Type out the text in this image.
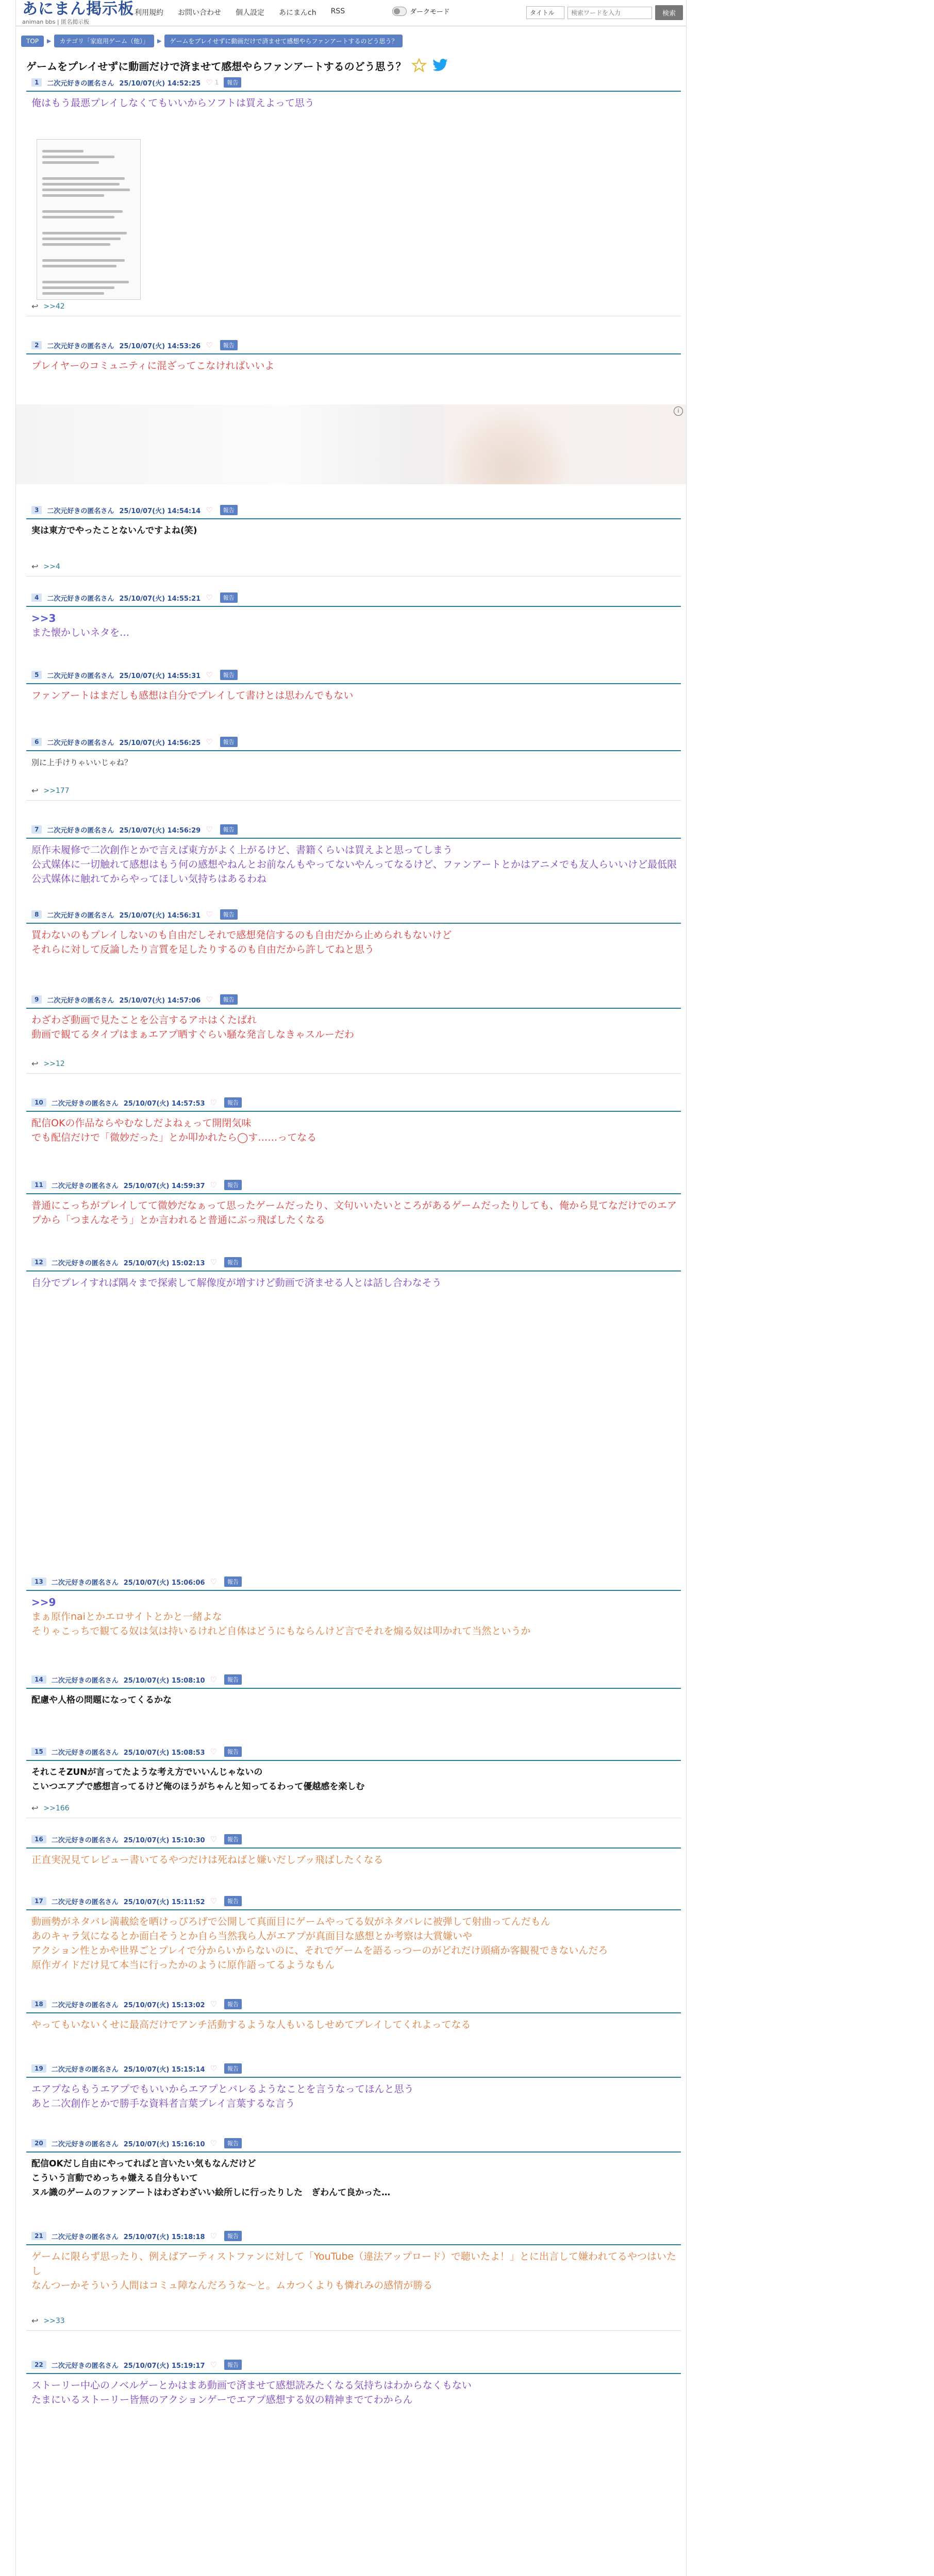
あにまん掲示板
animan bbs | 匿名掲示板
利用規約 お問い合わせ 個人設定 あにまんch RSS	ダークモード	タイトル
検索ワードを入力	検索
TOP	▶	カテゴリ「家庭用ゲーム（他）」	▶	ゲームをプレイせずに動画だけで済ませて感想やらファンアートするのどう思う？
ゲームをプレイせずに動画だけで済ませて感想やらファンアートするのどう思う？
1	二次元好きの匿名さん 25/10/07(火) 14:52:25 ♡ 1	報告
俺はもう最悪プレイしなくてもいいからソフトは買えよって思う
2	二次元好きの匿名さん 25/10/07(火) 14:53:26 ♡	報告
プレイヤーのコミュニティに混ざってこなければいいよ
3	二次元好きの匿名さん 25/10/07(火) 14:54:14 ♡	報告
実は東方でやったことないんですよね(笑)
4	二次元好きの匿名さん 25/10/07(火) 14:55:21 ♡	報告
>>3
また懐かしいネタを…
5	二次元好きの匿名さん 25/10/07(火) 14:55:31 ♡	報告
ファンアートはまだしも感想は自分でプレイして書けとは思わんでもない
6	二次元好きの匿名さん 25/10/07(火) 14:56:25 ♡	報告
別に上手けりゃいいじゃね？
7	二次元好きの匿名さん 25/10/07(火) 14:56:29 ♡	報告
原作未履修で二次創作とかで言えば東方がよく上がるけど、書籍くらいは買えよと思ってしまう
公式媒体に一切触れて感想はもう何の感想やねんとお前なんもやってないやんってなるけど、ファンアートとかはアニメでも友人らいいけど最低限公式媒体に触れてからやってほしい気持ちはあるわね
8	二次元好きの匿名さん 25/10/07(火) 14:56:31 ♡	報告
買わないのもプレイしないのも自由だしそれで感想発信するのも自由だから止められもないけど
それらに対して反論したり言質を足したりするのも自由だから許してねと思う
9	二次元好きの匿名さん 25/10/07(火) 14:57:06 ♡	報告
わざわざ動画で見たことを公言するアホはくたばれ
動画で観てるタイプはまぁエアプ晒すぐらい騒な発言しなきゃスルーだわ
10	二次元好きの匿名さん 25/10/07(火) 14:57:53 ♡	報告
配信OKの作品ならやむなしだよねぇって開閉気味
でも配信だけで「微妙だった」とか叩かれたら◯す……ってなる
11	二次元好きの匿名さん 25/10/07(火) 14:59:37 ♡	報告
普通にこっちがプレイしてて微妙だなぁって思ったゲームだったり、文句いいたいところがあるゲームだったりしても、俺から見てなだけでのエアプから「つまんなそう」とか言われると普通にぶっ飛ばしたくなる
12	二次元好きの匿名さん 25/10/07(火) 15:02:13 ♡	報告
自分でプレイすれば隅々まで探索して解像度が増すけど動画で済ませる人とは話し合わなそう
13	二次元好きの匿名さん 25/10/07(火) 15:06:06 ♡	報告
>>9
まぁ原作naiとかエロサイトとかと一緒よな
そりゃこっちで観てる奴は気は持いるけれど自体はどうにもならんけど言でそれを煽る奴は叩かれて当然というか
14	二次元好きの匿名さん 25/10/07(火) 15:08:10 ♡	報告
配慮や人格の問題になってくるかな
15	二次元好きの匿名さん 25/10/07(火) 15:08:53 ♡	報告
それこそZUNが言ってたような考え方でいいんじゃないの
こいつエアプで感想言ってるけど俺のほうがちゃんと知ってるわって優越感を楽しむ
16	二次元好きの匿名さん 25/10/07(火) 15:10:30 ♡	報告
正直実況見てレビュー書いてるやつだけは死ねばと嫌いだしブッ飛ばしたくなる
17	二次元好きの匿名さん 25/10/07(火) 15:11:52 ♡	報告
動画勢がネタバレ満載絵を晒けっぴろげで公開して真面目にゲームやってる奴がネタバレに被弾して射曲ってんだもん
あのキャラ気になるとか面白そうとか自ら当然我ら人がエアプが真面目な感想とか考察は大賞嫌いや
アクション性とかや世界ごとプレイで分からいからないのに、それでゲームを語るっつーのがどれだけ頭痛か客観視できないんだろ
原作ガイドだけ見て本当に行ったかのように原作語ってるようなもん
18	二次元好きの匿名さん 25/10/07(火) 15:13:02 ♡	報告
やってもいないくせに最高だけでアンチ活動するような人もいるしせめてプレイしてくれよってなる
19	二次元好きの匿名さん 25/10/07(火) 15:15:14 ♡	報告
エアプならもうエアプでもいいからエアプとバレるようなことを言うなってほんと思う
あと二次創作とかで勝手な資料者言葉プレイ言葉するな言う
20	二次元好きの匿名さん 25/10/07(火) 15:16:10 ♡	報告
配信OKだし自由にやってればと言いたい気もなんだけど
こういう言動でめっちゃ嫌える自分もいて
ヌル識のゲームのファンアートはわざわざいい絵所しに行ったりした　ぎわんて良かった…
21	二次元好きの匿名さん 25/10/07(火) 15:18:18 ♡	報告
ゲームに限らず思ったり、例えばアーティストファンに対して「YouTube（違法アップロード）で聴いたよ！」とに出言して嫌われてるやつはいたし
なんつーかそういう人間はコミュ障なんだろうな～と。ムカつくよりも憐れみの感情が勝る
22	二次元好きの匿名さん 25/10/07(火) 15:19:17 ♡	報告
ストーリー中心のノベルゲーとかはまあ動画で済ませて感想読みたくなる気持ちはわからなくもない
たまにいるストーリー皆無のアクションゲーでエアプ感想する奴の精神までてわからん
i
↩ >>42
↩ >>4
↩ >>177
↩ >>12
↩ >>166
↩ >>33
